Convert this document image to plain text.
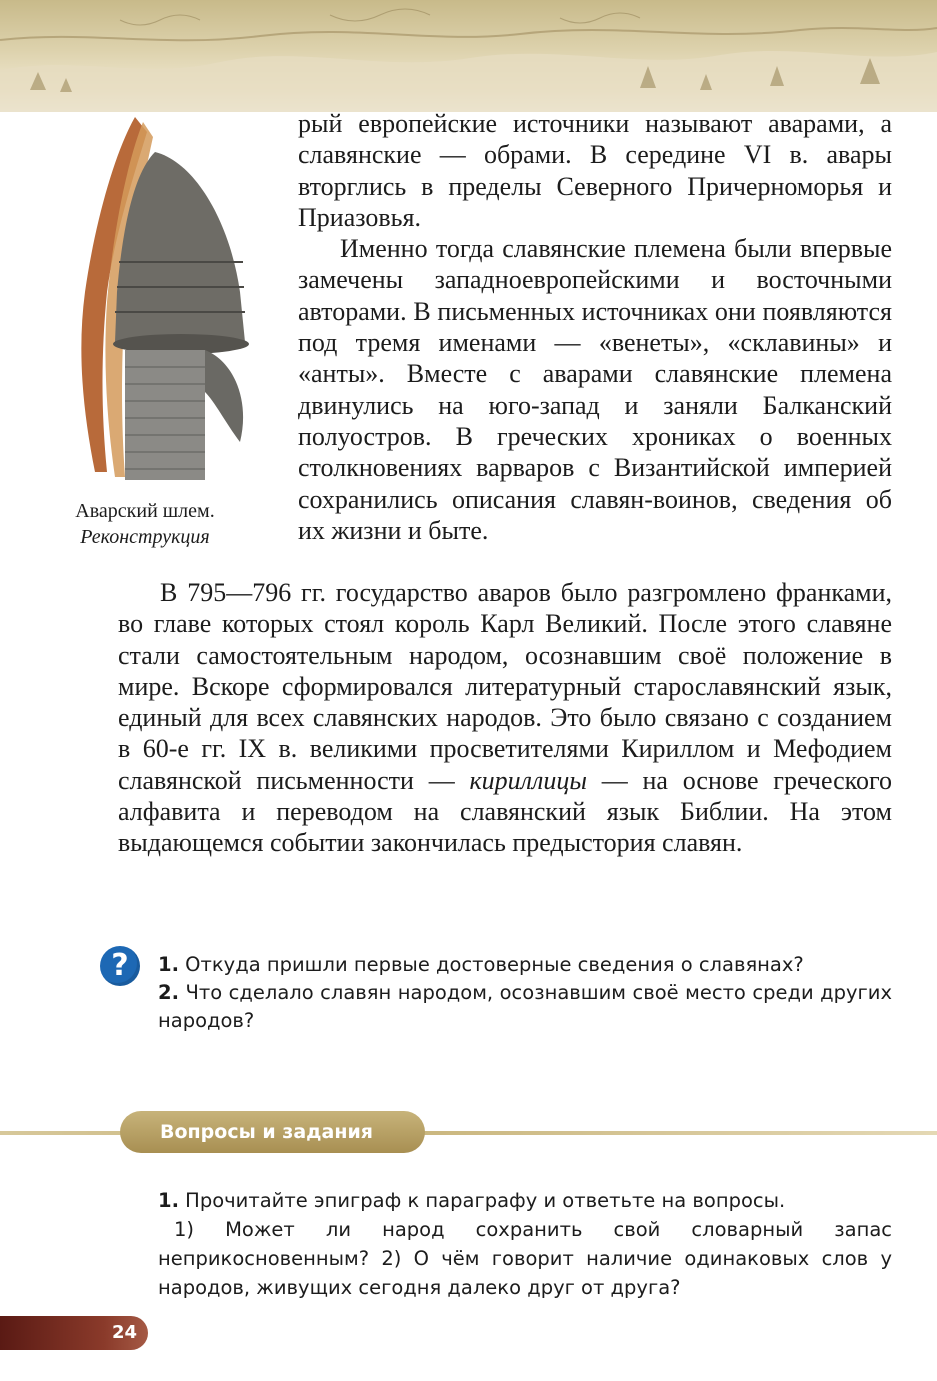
Аварский шлем.
Реконструкция

рый европейские источники называют аварами, а славянские — обрами. В середине VI в. авары вторглись в пределы Северного Причерноморья и Приазовья.

Именно тогда славянские племена были впервые замечены западноевропейскими и восточными авторами. В письменных источниках они появляются под тремя именами — «венеты», «склавины» и «анты». Вместе с аварами славянские племена двинулись на юго-запад и заняли Балканский полуостров. В греческих хрониках о военных столкновениях варваров с Византийской империей сохранились описания славян-воинов, сведения об их жизни и быте.

В 795—796 гг. государство аваров было разгромлено франками, во главе которых стоял король Карл Великий. После этого славяне стали самостоятельным народом, осознавшим своё положение в мире. Вскоре сформировался литературный старославянский язык, единый для всех славянских народов. Это было связано с созданием в 60-е гг. IX в. великими просветителями Кириллом и Мефодием славянской письменности — кириллицы — на основе греческого алфавита и переводом на славянский язык Библии. На этом выдающемся событии закончилась предыстория славян.

?	1. Откуда пришли первые достоверные сведения о славянах?

2. Что сделало славян народом, осознавшим своё место среди других народов?

Вопросы и задания

1. Прочитайте эпиграф к параграфу и ответьте на вопросы.

1) Может ли народ сохранить свой словарный запас неприкосновенным? 2) О чём говорит наличие одинаковых слов у народов, живущих сегодня далеко друг от друга?

24
